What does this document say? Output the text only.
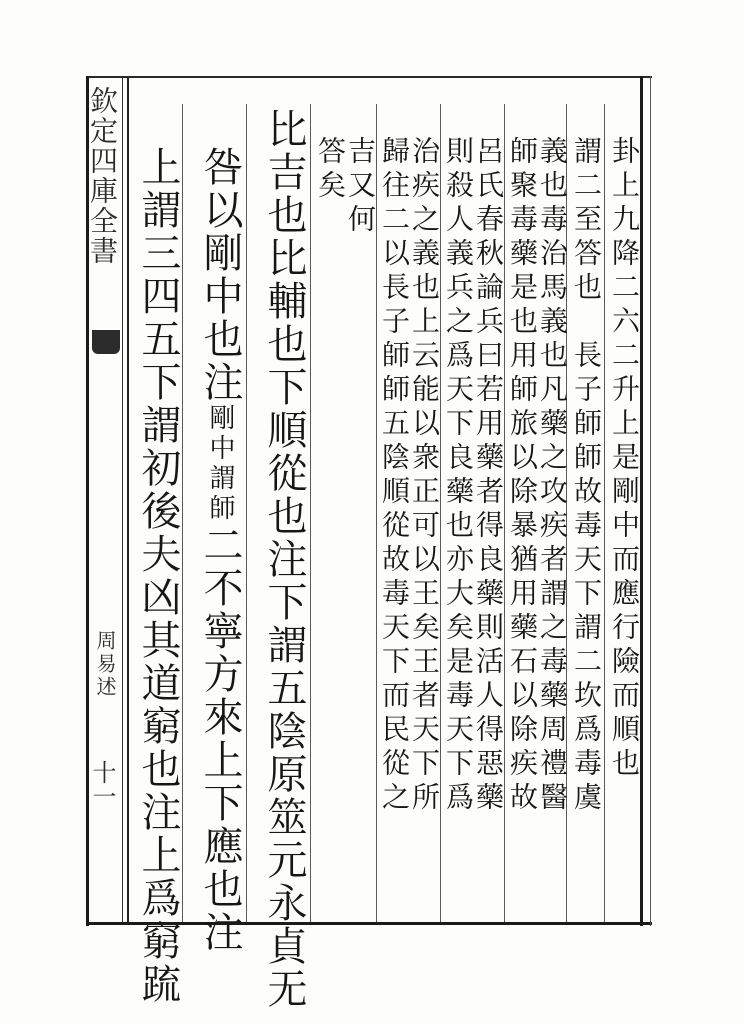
欽定四庫全書
周易述
十一
卦上九降二六二升上是剛中而應行險而順也
謂二至答也　長子師師故毒天下謂二坎爲毒虞
義也毒治馬義也凡藥之攻疾者謂之毒藥周禮醫
師聚毒藥是也用師旅以除暴猶用藥石以除疾故
呂氏春秋論兵曰若用藥者得良藥則活人得惡藥
則殺人義兵之爲天下良藥也亦大矣是毒天下爲
治疾之義也上云能以衆正可以王矣王者天下所
歸往二以長子師師五陰順從故毒天下而民從之
吉又何
答矣
比吉也比輔也下順從也注下謂五陰原筮元永貞无
咎以剛中也注剛中謂師二不寧方來上下應也注
上謂三四五下謂初後夫凶其道窮也注上爲窮䟽
